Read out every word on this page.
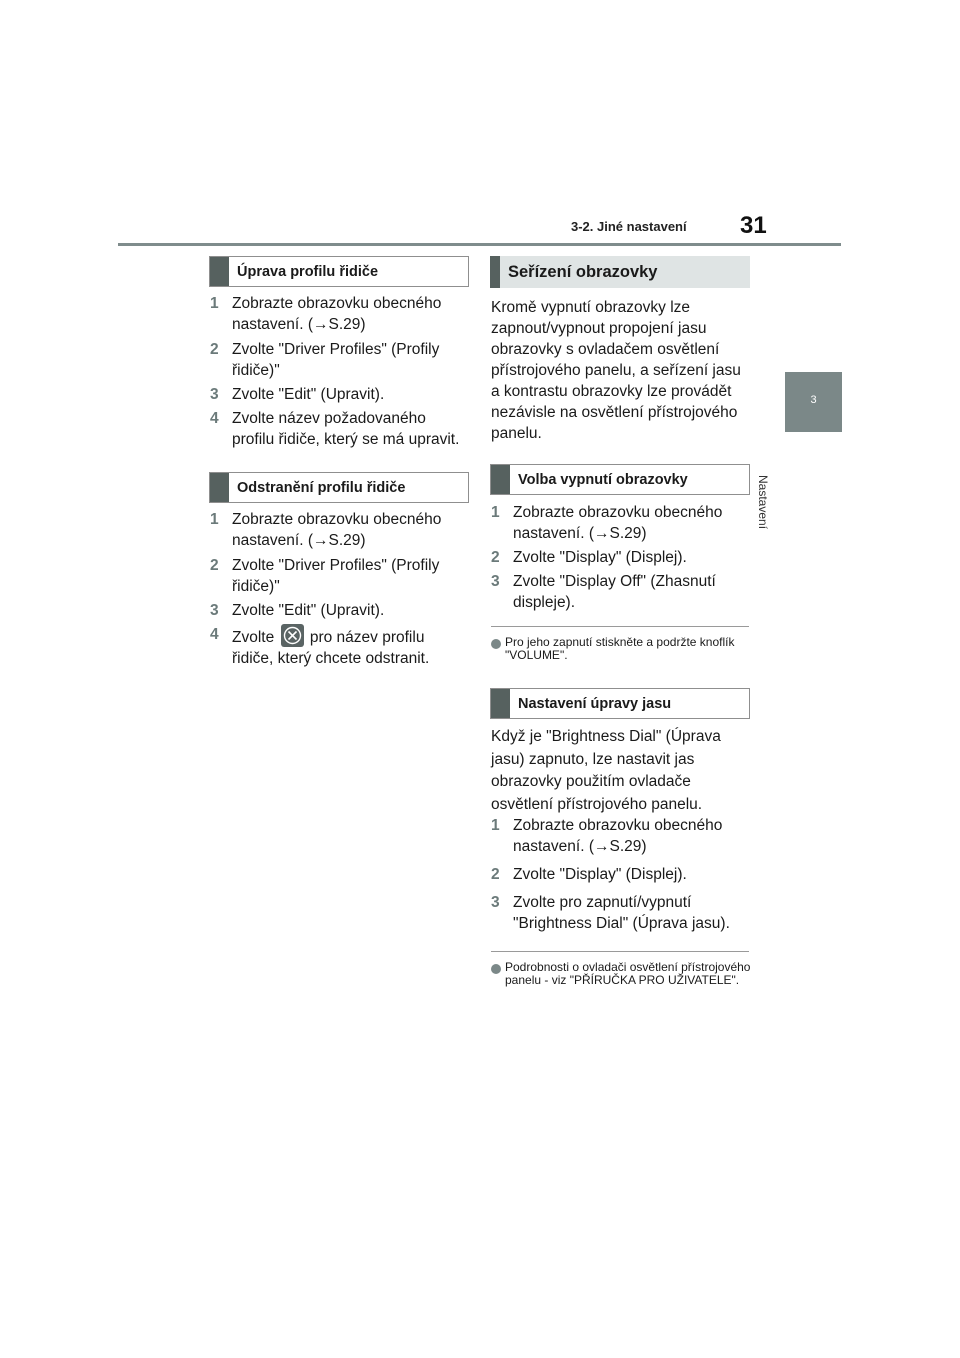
3-2. Jiné nastavení 31
3
Nastavení
Úprava profilu řidiče
1 Zobrazte obrazovku obecného nastavení. (→S.29)
2 Zvolte "Driver Profiles" (Profily řidiče)"
3 Zvolte "Edit" (Upravit).
4 Zvolte název požadovaného profilu řidiče, který se má upravit.
Odstranění profilu řidiče
1 Zobrazte obrazovku obecného nastavení. (→S.29)
2 Zvolte "Driver Profiles" (Profily řidiče)"
3 Zvolte "Edit" (Upravit).
4 Zvolte pro název profilu řidiče, který chcete odstranit.
Seřízení obrazovky
Kromě vypnutí obrazovky lze zapnout/vypnout propojení jasu obrazovky s ovladačem osvětlení přístrojového panelu, a seřízení jasu a kontrastu obrazovky lze provádět nezávisle na osvětlení přístrojového panelu.
Volba vypnutí obrazovky
1 Zobrazte obrazovku obecného nastavení. (→S.29)
2 Zvolte "Display" (Displej).
3 Zvolte "Display Off" (Zhasnutí displeje).
Pro jeho zapnutí stiskněte a podržte knoflík "VOLUME".
Nastavení úpravy jasu
Když je "Brightness Dial" (Úprava jasu) zapnuto, lze nastavit jas obrazovky použitím ovladače osvětlení přístrojového panelu.
1 Zobrazte obrazovku obecného nastavení. (→S.29)
2 Zvolte "Display" (Displej).
3 Zvolte pro zapnutí/vypnutí "Brightness Dial" (Úprava jasu).
Podrobnosti o ovladači osvětlení přístrojového panelu - viz "PŘÍRUČKA PRO UŽIVATELE".
